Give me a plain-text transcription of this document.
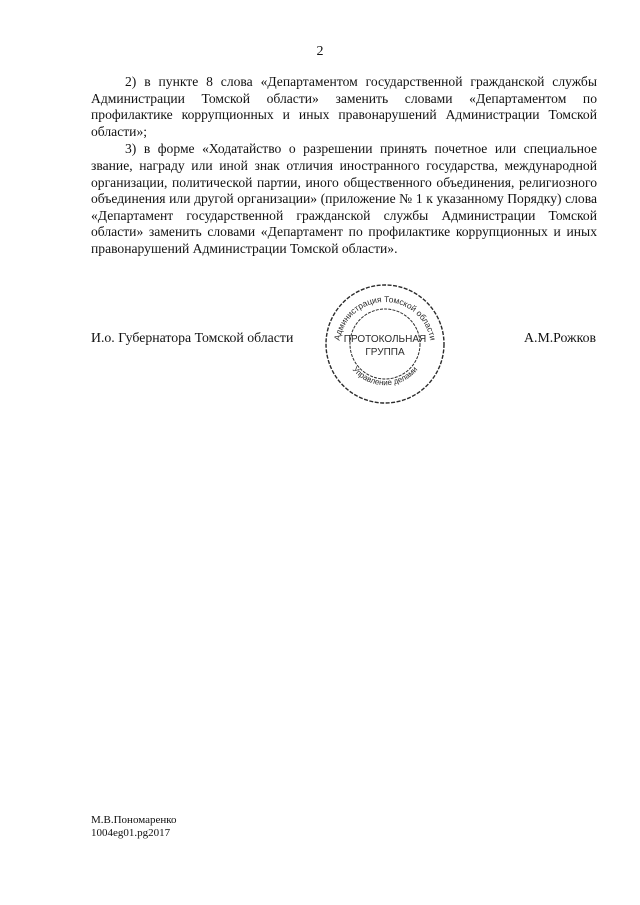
2

2) в пункте 8 слова «Департаментом государственной гражданской службы Администрации Томской области» заменить словами «Департаментом по профилактике коррупционных и иных правонарушений Администрации Томской области»;

3) в форме «Ходатайство о разрешении принять почетное или специальное звание, награду или иной знак отличия иностранного государства, международной организации, политической партии, иного общественного объединения, религиозного объединения или другой организации» (приложение № 1 к указанному Порядку) слова «Департамент государственной гражданской службы Администрации Томской области» заменить словами «Департамент по профилактике коррупционных и иных правонарушений Администрации Томской области».

И.о. Губернатора Томской области	А.М.Рожков
Администрация Томской области
Управление делами
ПРОТОКОЛЬНАЯ
ГРУППА
М.В.Пономаренко
1004eg01.pg2017
